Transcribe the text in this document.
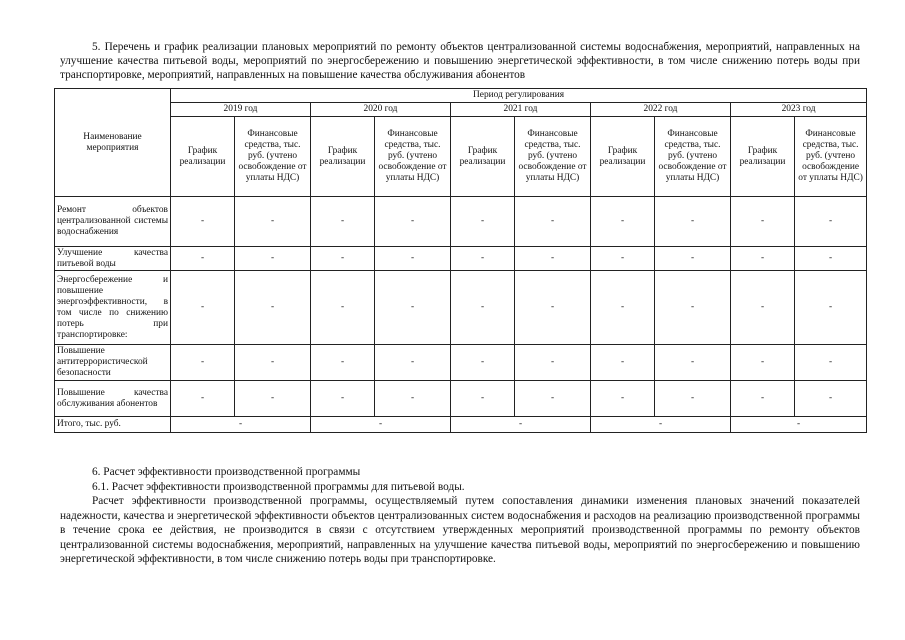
5. Перечень и график реализации плановых мероприятий по ремонту объектов централизованной системы водоснабжения, мероприятий, направленных на улучшение качества питьевой воды, мероприятий по энергосбережению и повышению энергетической эффективности, в том числе снижению потерь воды при транспортировке, мероприятий, направленных на повышение качества обслуживания абонентов

Наименование мероприятия	Период регулирования									
	2019 год		2020 год		2021 год		2022 год		2023 год	
	График реализации	Финансовые средства, тыс. руб. (учтено освобождение от уплаты НДС)	График реализации	Финансовые средства, тыс. руб. (учтено освобождение от уплаты НДС)	График реализации	Финансовые средства, тыс. руб. (учтено освобождение от уплаты НДС)	График реализации	Финансовые средства, тыс. руб. (учтено освобождение от уплаты НДС)	График реализации	Финансовые средства, тыс. руб. (учтено освобождение от уплаты НДС)
Ремонт объектов централизованной системы водоснабжения	-	-	-	-	-	-	-	-	-	-
Улучшение качества питьевой воды	-	-	-	-	-	-	-	-	-	-
Энергосбережение и повышение энергоэффективности, в том числе по снижению потерь при транспортировке:	-	-	-	-	-	-	-	-	-	-
Повышение антитеррористической безопасности	-	-	-	-	-	-	-	-	-	-
Повышение качества обслуживания абонентов	-	-	-	-	-	-	-	-	-	-
Итого, тыс. руб.	-		-		-		-		-	

6. Расчет эффективности производственной программы

6.1. Расчет эффективности производственной программы для питьевой воды.

Расчет эффективности производственной программы, осуществляемый путем сопоставления динамики изменения плановых значений показателей надежности, качества и энергетической эффективности объектов централизованных систем водоснабжения и расходов на реализацию производственной программы в течение срока ее действия, не производится в связи с отсутствием утвержденных мероприятий производственной программы по ремонту объектов централизованной системы водоснабжения, мероприятий, направленных на улучшение качества питьевой воды, мероприятий по энергосбережению и повышению энергетической эффективности, в том числе снижению потерь воды при транспортировке.
